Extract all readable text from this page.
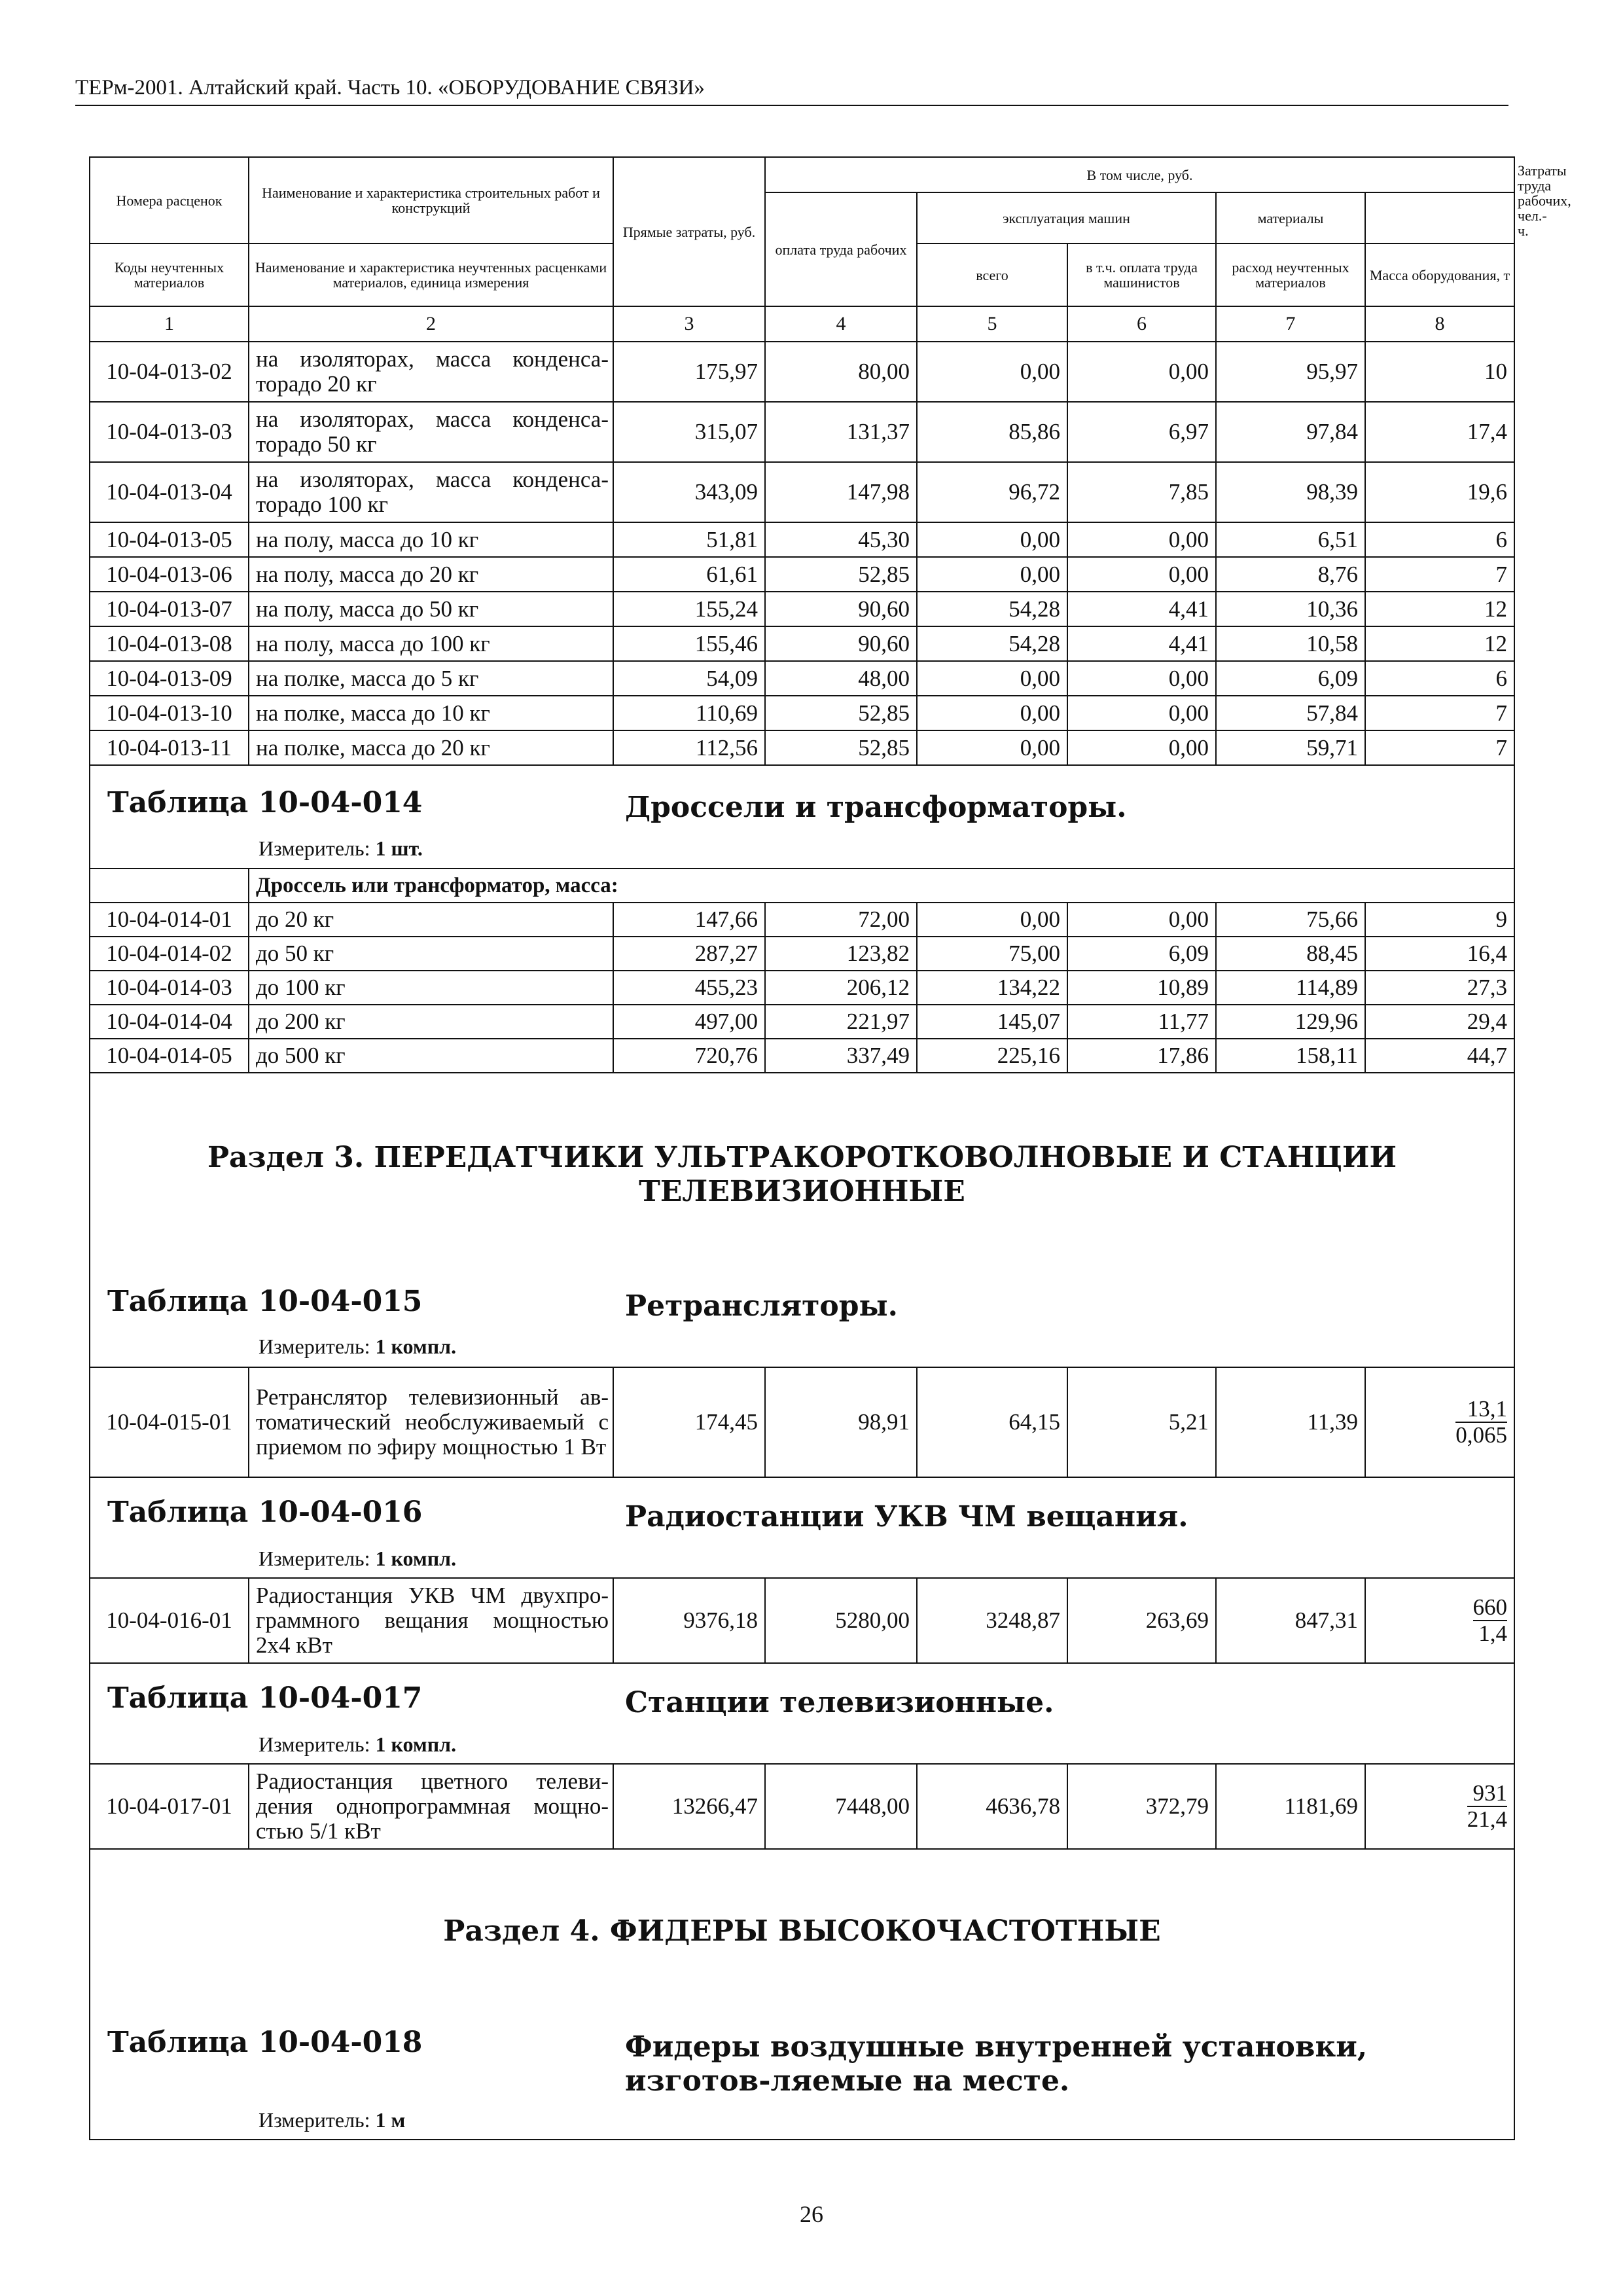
ТЕРм-2001. Алтайский край. Часть 10. «ОБОРУДОВАНИЕ СВЯЗИ»
Номера расценок	Наименование и характеристика строительных работ и конструкций	Прямые затраты, руб.	В том числе, руб.					Затраты труда рабочих, чел.-ч.
			оплата труда рабочих	эксплуатация машин		материалы		
Коды неучтенных материалов	Наименование и характеристика неучтенных расценками материалов, единица измерения			всего	в т.ч. оплата труда машинистов	расход неучтенных материалов	Масса оборудования, т	
1	2	3	4	5	6	7	8	
10-04-013-02	на изоляторах, масса конденса-торадо 20 кг	175,97	80,00	0,00	0,00	95,97	10	
10-04-013-03	на изоляторах, масса конденса-торадо 50 кг	315,07	131,37	85,86	6,97	97,84	17,4	
10-04-013-04	на изоляторах, масса конденса-торадо 100 кг	343,09	147,98	96,72	7,85	98,39	19,6	
10-04-013-05	на полу, масса до 10 кг	51,81	45,30	0,00	0,00	6,51	6	
10-04-013-06	на полу, масса до 20 кг	61,61	52,85	0,00	0,00	8,76	7	
10-04-013-07	на полу, масса до 50 кг	155,24	90,60	54,28	4,41	10,36	12	
10-04-013-08	на полу, масса до 100 кг	155,46	90,60	54,28	4,41	10,58	12	
10-04-013-09	на полке, масса до 5 кг	54,09	48,00	0,00	0,00	6,09	6	
10-04-013-10	на полке, масса до 10 кг	110,69	52,85	0,00	0,00	57,84	7	
10-04-013-11	на полке, масса до 20 кг	112,56	52,85	0,00	0,00	59,71	7	

Таблица 10-04-014 Дроссели и трансформаторы.
Измеритель: 1 шт.								

	Дроссель или трансформатор, масса:							
10-04-014-01	до 20 кг	147,66	72,00	0,00	0,00	75,66	9	
10-04-014-02	до 50 кг	287,27	123,82	75,00	6,09	88,45	16,4	
10-04-014-03	до 100 кг	455,23	206,12	134,22	10,89	114,89	27,3	
10-04-014-04	до 200 кг	497,00	221,97	145,07	11,77	129,96	29,4	
10-04-014-05	до 500 кг	720,76	337,49	225,16	17,86	158,11	44,7	

Раздел 3. ПЕРЕДАТЧИКИ УЛЬТРАКОРОТКОВОЛНОВЫЕ И СТАНЦИИ
ТЕЛЕВИЗИОННЫЕ
Таблица 10-04-015 Ретрансляторы.
Измеритель: 1 компл.								

10-04-015-01	Ретранслятор телевизионный ав-томатический необслуживаемый с приемом по эфиру мощностью 1 Вт	174,45	98,91	64,15	5,21	11,39	$\frac{13,1}{0,065}$

Таблица 10-04-016 Радиостанции УКВ ЧМ вещания.
Измеритель: 1 компл.								

10-04-016-01	Радиостанция УКВ ЧМ двухпро-граммного вещания мощностью 2х4 кВт	9376,18	5280,00	3248,87	263,69	847,31	$\frac{660}{1,4}$

Таблица 10-04-017 Станции телевизионные.
Измеритель: 1 компл.								

10-04-017-01	Радиостанция цветного телеви-дения однопрограммная мощно-стью 5/1 кВт	13266,47	7448,00	4636,78	372,79	1181,69	$\frac{931}{21,4}$

Раздел 4. ФИДЕРЫ ВЫСОКОЧАСТОТНЫЕ
Таблица 10-04-018 Фидеры воздушные внутренней установки, изготов-ляемые на месте.
Измеритель: 1 м								
26
